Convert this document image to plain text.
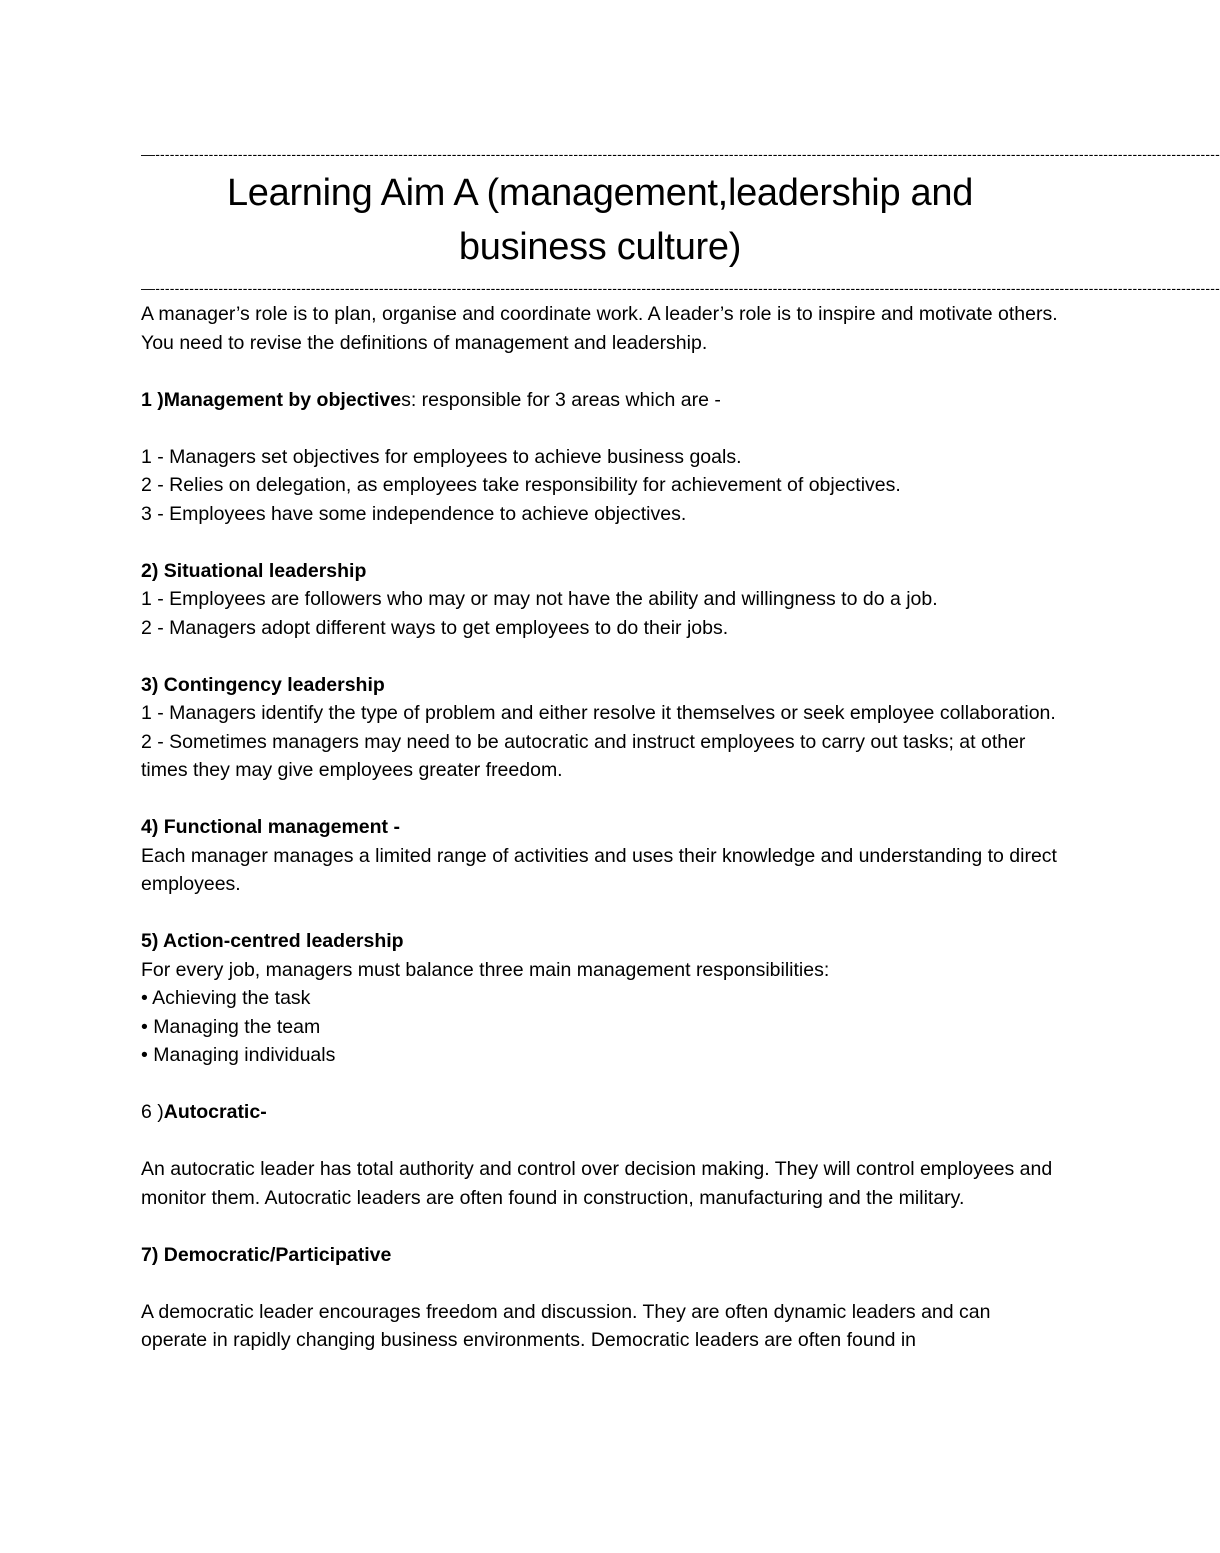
—---------------------------------------------------------------------------------------------------------------------------------------------------------------------------------------------------------------------------
Learning Aim A (management,leadership and
business culture)
—---------------------------------------------------------------------------------------------------------------------------------------------------------------------------------------------------------------------------

A manager’s role is to plan, organise and coordinate work. A leader’s role is to inspire and motivate others. You need to revise the definitions of management and leadership.

1 )Management by objectives: responsible for 3 areas which are -

1 - Managers set objectives for employees to achieve business goals.
2 - Relies on delegation, as employees take responsibility for achievement of objectives.
3 - Employees have some independence to achieve objectives.

2) Situational leadership
1 - Employees are followers who may or may not have the ability and willingness to do a job.
2 - Managers adopt different ways to get employees to do their jobs.

3) Contingency leadership
1 - Managers identify the type of problem and either resolve it themselves or seek employee collaboration.
2 - Sometimes managers may need to be autocratic and instruct employees to carry out tasks; at other times they may give employees greater freedom.

4) Functional management -
Each manager manages a limited range of activities and uses their knowledge and understanding to direct employees.

5) Action-centred leadership
For every job, managers must balance three main management responsibilities:
• Achieving the task
• Managing the team
• Managing individuals

6 )Autocratic-

An autocratic leader has total authority and control over decision making. They will control employees and monitor them. Autocratic leaders are often found in construction, manufacturing and the military.

7) Democratic/Participative

A democratic leader encourages freedom and discussion. They are often dynamic leaders and can operate in rapidly changing business environments. Democratic leaders are often found in
